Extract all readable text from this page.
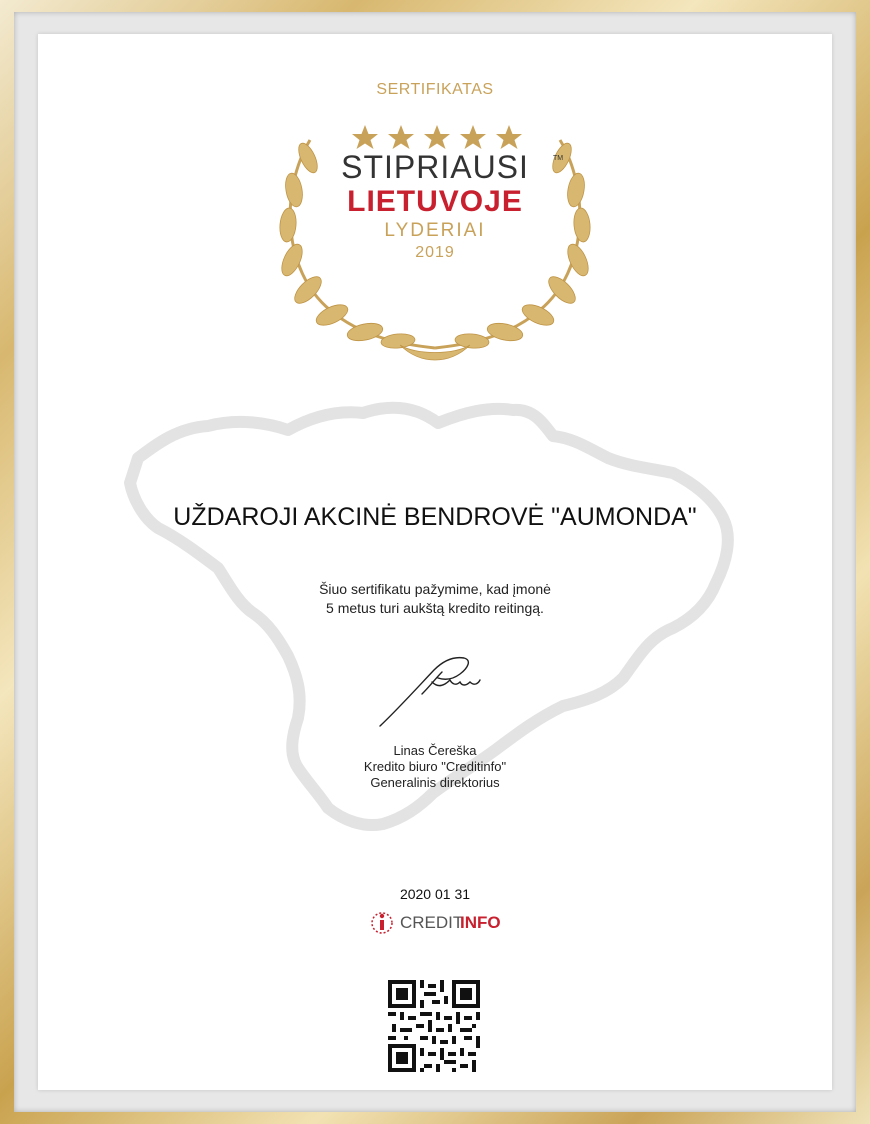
SERTIFIKATAS
STIPRIAUSI	TM
LIETUVOJE
LYDERIAI
2019
UŽDAROJI AKCINĖ BENDROVĖ "AUMONDA"
Šiuo sertifikatu pažymime, kad įmonė
5 metus turi aukštą kredito reitingą.
Linas Čereška
Kredito biuro "Creditinfo"
Generalinis direktorius
2020 01 31
CREDIT
INFO
